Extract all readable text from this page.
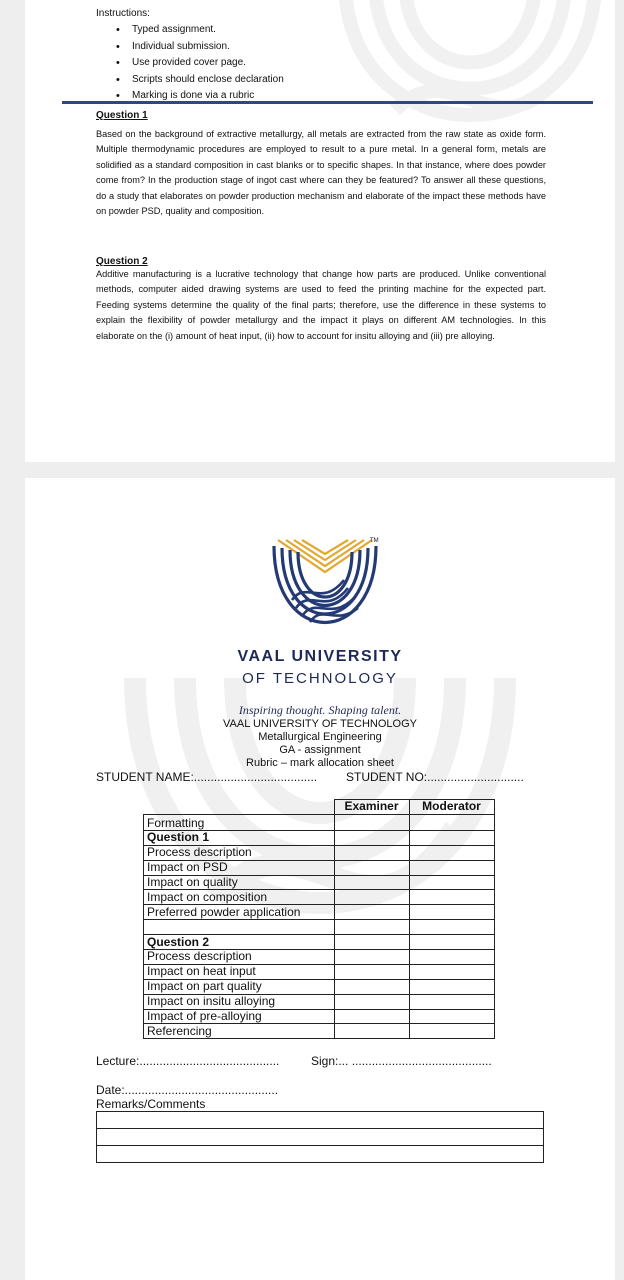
Instructions:

• Typed assignment.
• Individual submission.
• Use provided cover page.
• Scripts should enclose declaration
• Marking is done via a rubric

Question 1

Based on the background of extractive metallurgy, all metals are extracted from the raw state as oxide form. Multiple thermodynamic procedures are employed to result to a pure metal. In a general form, metals are solidified as a standard composition in cast blanks or to specific shapes. In that instance, where does powder come from? In the production stage of ingot cast where can they be featured? To answer all these questions, do a study that elaborates on powder production mechanism and elaborate of the impact these methods have on powder PSD, quality and composition.

Question 2

Additive manufacturing is a lucrative technology that change how parts are produced. Unlike conventional methods, computer aided drawing systems are used to feed the printing machine for the expected part. Feeding systems determine the quality of the final parts; therefore, use the difference in these systems to explain the flexibility of powder metallurgy and the impact it plays on different AM technologies. In this elaborate on the (i) amount of heat input, (ii) how to account for insitu alloying and (iii) pre alloying.

TM
VAAL UNIVERSITY
OF TECHNOLOGY
Inspiring thought. Shaping talent.
VAAL UNIVERSITY OF TECHNOLOGY
Metallurgical Engineering
GA - assignment
Rubric – mark allocation sheet
STUDENT NAME:..................................... STUDENT NO:.............................
	Examiner	Moderator
Formatting		
Question 1		
Process description		
Impact on PSD		
Impact on quality		
Impact on composition		
Preferred powder application		

Question 2		
Process description		
Impact on heat input		
Impact on part quality		
Impact on insitu alloying		
Impact of pre-alloying		
Referencing		
Lecture:..........................................	Sign:... ..........................................
Date:..............................................
Remarks/Comments
